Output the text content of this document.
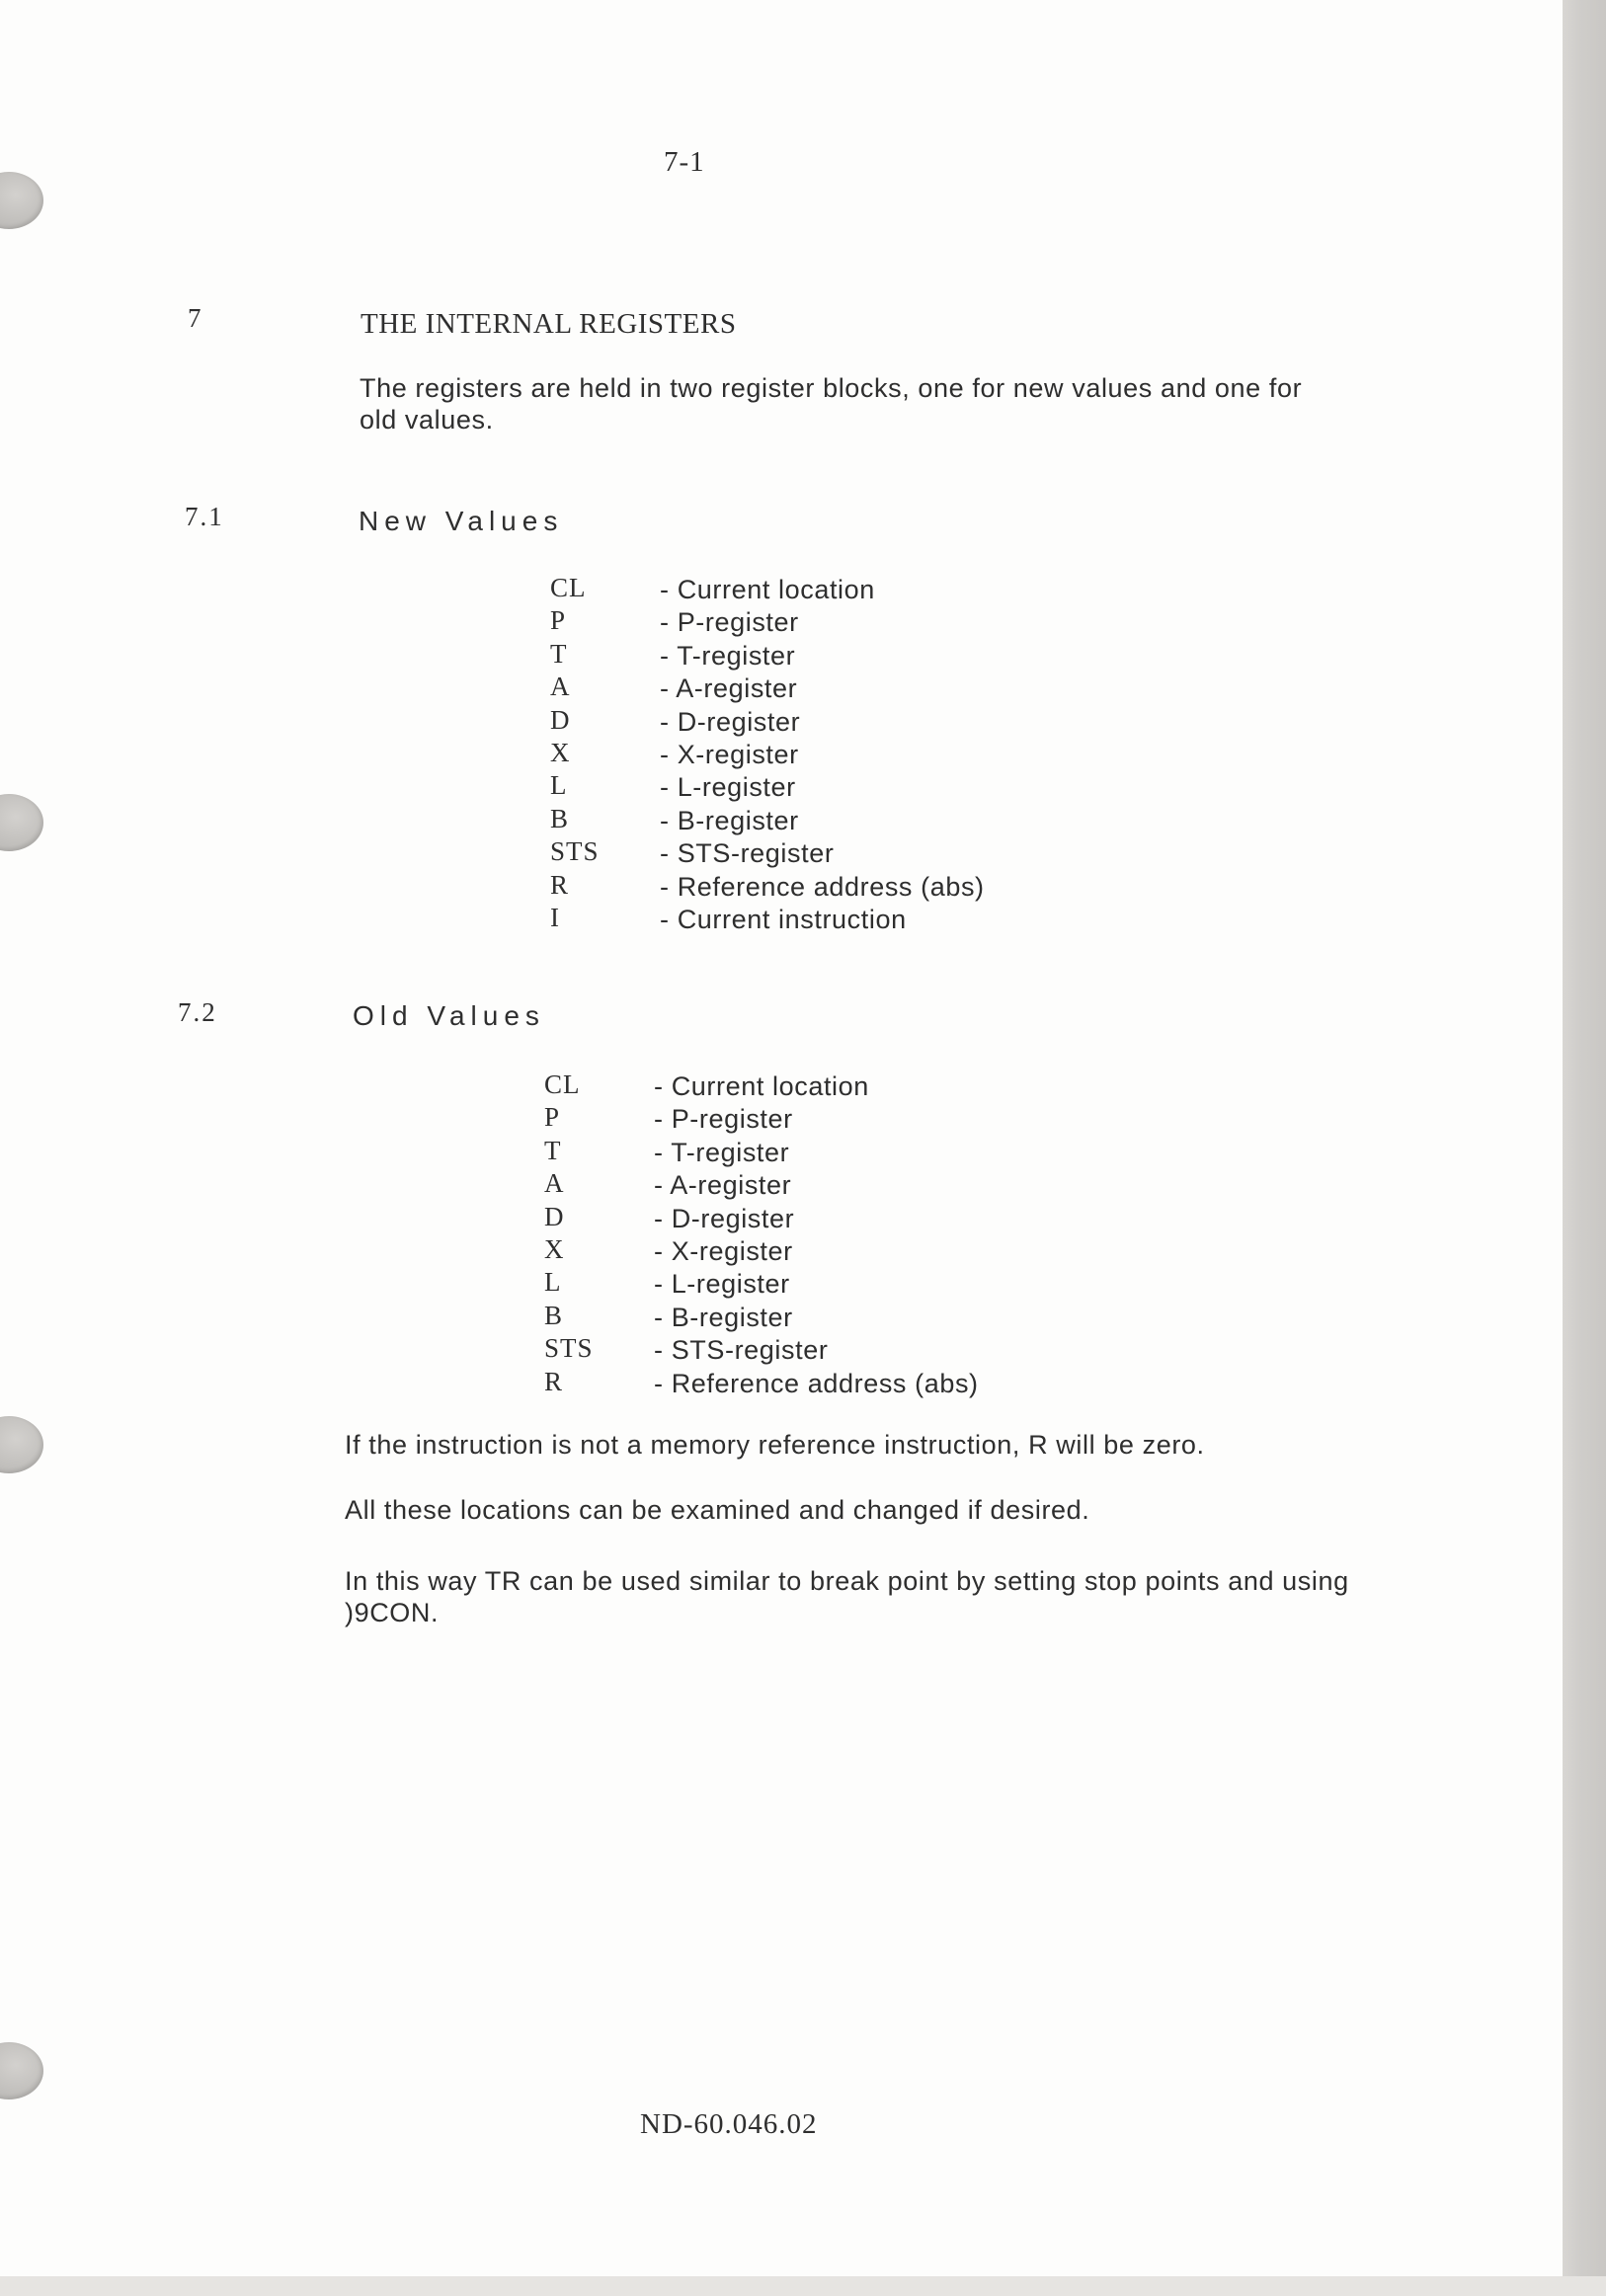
7-1
7	THE INTERNAL REGISTERS
The registers are held in two register blocks, one for new values and one for old values.
7.1	New Values
CL	- Current location
P	- P-register
T	- T-register
A	- A-register
D	- D-register
X	- X-register
L	- L-register
B	- B-register
STS - STS-register
R	- Reference address (abs)
I	- Current instruction
7.2	Old Values
CL	- Current location
P	- P-register
T	- T-register
A	- A-register
D	- D-register
X	- X-register
L	- L-register
B	- B-register
STS - STS-register
R	- Reference address (abs)
If the instruction is not a memory reference instruction, R will be zero.
All these locations can be examined and changed if desired.
In this way TR can be used similar to break point by setting stop points and using )9CON.
ND-60.046.02
